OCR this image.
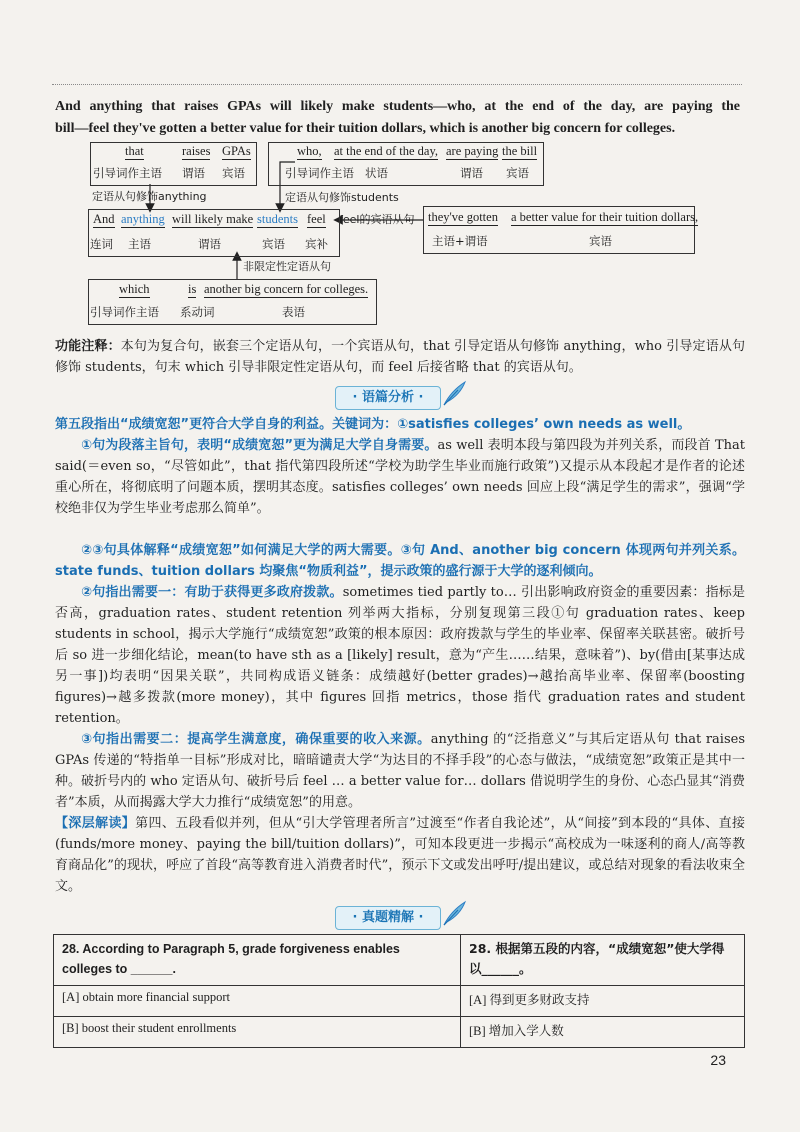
And anything that raises GPAs will likely make students—who, at the end of the day, are paying the
bill—feel they've gotten a better value for their tuition dollars, which is another big concern for colleges.
that	raises GPAs
引导词作主语 谓语 宾语
who, at the end of the day, are paying the bill
引导词作主语 状语	谓语 宾语
定语从句修饰anything	定语从句修饰students
And anything will likely make students feel
连词 主语	谓语	宾语 宾补
feel的宾语从句 they've gotten a better value for their tuition dollars,
主语+谓语	宾语
非限定性定语从句
which	is another big concern for colleges.
引导词作主语 系动词	表语
功能注释：本句为复合句，嵌套三个定语从句，一个宾语从句，that 引导定语从句修饰 anything，who 引导定语从句修饰 students，句末 which 引导非限定性定语从句，而 feel 后接省略 that 的宾语从句。
· 语篇分析 ·
第五段指出“成绩宽恕”更符合大学自身的利益。关键词为：①satisfies colleges’ own needs as well。
①句为段落主旨句，表明“成绩宽恕”更为满足大学自身需要。as well 表明本段与第四段为并列关系，而段首 That said(＝even so，“尽管如此”，that 指代第四段所述“学校为助学生毕业而施行政策”)又提示从本段起才是作者的论述重心所在，将彻底明了问题本质，摆明其态度。satisfies colleges’ own needs 回应上段“满足学生的需求”，强调“学校绝非仅为学生毕业考虑那么简单”。
②③句具体解释“成绩宽恕”如何满足大学的两大需要。③句 And、another big concern 体现两句并列关系。state funds、tuition dollars 均聚焦“物质利益”，提示政策的盛行源于大学的逐利倾向。
②句指出需要一：有助于获得更多政府拨款。sometimes tied partly to… 引出影响政府资金的重要因素：指标是否高，graduation rates、student retention 列举两大指标，分别复现第三段①句 graduation rates、keep students in school，揭示大学施行“成绩宽恕”政策的根本原因：政府拨款与学生的毕业率、保留率关联甚密。破折号后 so 进一步细化结论，mean(to have sth as a [likely] result，意为“产生……结果，意味着”)、by(借由[某事达成另一事])均表明“因果关联”，共同构成语义链条：成绩越好(better grades)→越抬高毕业率、保留率(boosting figures)→越多拨款(more money)，其中 figures 回指 metrics，those 指代 graduation rates and student retention。
③句指出需要二：提高学生满意度，确保重要的收入来源。anything 的“泛指意义”与其后定语从句 that raises GPAs 传递的“特指单一目标”形成对比，暗暗谴责大学“为达目的不择手段”的心态与做法，“成绩宽恕”政策正是其中一种。破折号内的 who 定语从句、破折号后 feel … a better value for… dollars 借说明学生的身份、心态凸显其“消费者”本质，从而揭露大学大力推行“成绩宽恕”的用意。
【深层解读】第四、五段看似并列，但从“引大学管理者所言”过渡至“作者自我论述”，从“间接”到本段的“具体、直接(funds/more money、paying the bill/tuition dollars)”，可知本段更进一步揭示“高校成为一味逐利的商人/高等教育商品化”的现状，呼应了首段“高等教育进入消费者时代”，预示下文或发出呼吁/提出建议，或总结对现象的看法收束全文。
· 真题精解 ·
28. According to Paragraph 5, grade forgiveness enables colleges to ______.	28. 根据第五段的内容，“成绩宽恕”使大学得以______。
[A] obtain more financial support	[A] 得到更多财政支持
[B] boost their student enrollments	[B] 增加入学人数
23
